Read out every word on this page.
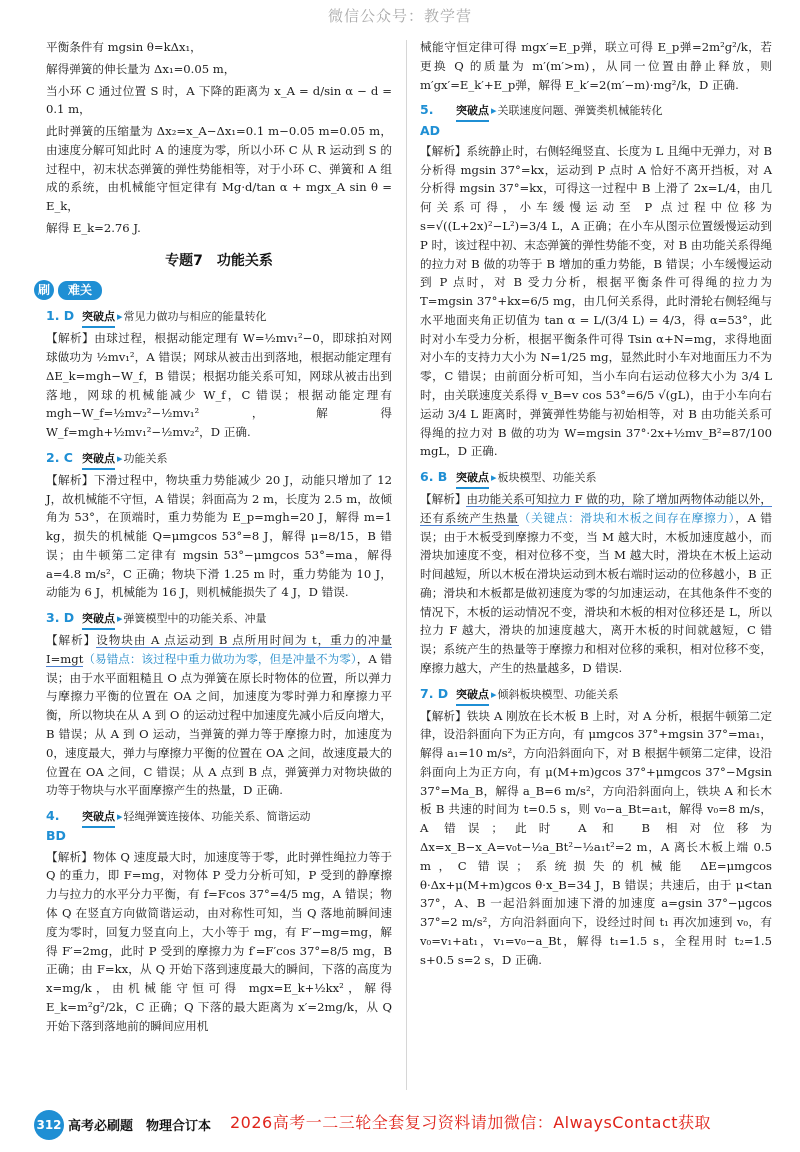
微信公众号：教学营

平衡条件有 mgsin θ=kΔx₁，

解得弹簧的伸长量为 Δx₁=0.05 m，

当小环 C 通过位置 S 时，A 下降的距离为 x_A = d/sin α − d = 0.1 m，

此时弹簧的压缩量为 Δx₂=x_A−Δx₁=0.1 m−0.05 m=0.05 m，由速度分解可知此时 A 的速度为零，所以小环 C 从 R 运动到 S 的过程中，初末状态弹簧的弹性势能相等，对于小环 C、弹簧和 A 组成的系统，由机械能守恒定律有 Mg·d/tan α + mgx_A sin θ = E_k，

解得 E_k=2.76 J.

专题7　功能关系
刷	难关
1. D 突破点 ▸ 常见力做功与相应的能量转化

【解析】由球过程，根据动能定理有 W=½mv₁²−0，即球拍对网球做功为 ½mv₁²，A 错误；网球从被击出到落地，根据动能定理有 ΔE_k=mgh−W_f，B 错误；根据功能关系可知，网球从被击出到落地，网球的机械能减少 W_f，C 错误；根据动能定理有 mgh−W_f=½mv₂²−½mv₁²，解得 W_f=mgh+½mv₁²−½mv₂²，D 正确.

2. C 突破点 ▸ 功能关系

【解析】下滑过程中，物块重力势能减少 20 J，动能只增加了 12 J，故机械能不守恒，A 错误；斜面高为 2 m，长度为 2.5 m，故倾角为 53°，在顶端时，重力势能为 E_p=mgh=20 J，解得 m=1 kg，损失的机械能 Q=μmgcos 53°=8 J，解得 μ=8/15，B 错误；由牛顿第二定律有 mgsin 53°−μmgcos 53°=ma，解得 a=4.8 m/s²，C 正确；物块下滑 1.25 m 时，重力势能为 10 J，动能为 6 J，机械能为 16 J，则机械能损失了 4 J，D 错误.

3. D 突破点 ▸ 弹簧模型中的功能关系、冲量

【解析】设物块由 A 点运动到 B 点所用时间为 t，重力的冲量 I=mgt（易错点：该过程中重力做功为零，但是冲量不为零），A 错误；由于水平面粗糙且 O 点为弹簧在原长时物体的位置，所以弹力与摩擦力平衡的位置在 OA 之间，加速度为零时弹力和摩擦力平衡，所以物块在从 A 到 O 的运动过程中加速度先减小后反向增大，B 错误；从 A 到 O 运动，当弹簧的弹力等于摩擦力时，加速度为 0，速度最大，弹力与摩擦力平衡的位置在 OA 之间，故速度最大的位置在 OA 之间，C 错误；从 A 点到 B 点，弹簧弹力对物块做的功等于物块与水平面摩擦产生的热量，D 正确.

4. BD
突破点 ▸ 轻绳弹簧连接体、功能关系、简谐运动

【解析】物体 Q 速度最大时，加速度等于零，此时弹性绳拉力等于 Q 的重力，即 F=mg，对物体 P 受力分析可知，P 受到的静摩擦力与拉力的水平分力平衡，有 f=Fcos 37°=4/5 mg，A 错误；物体 Q 在竖直方向做简谐运动，由对称性可知，当 Q 落地前瞬间速度为零时，回复力竖直向上，大小等于 mg，有 F′−mg=mg，解得 F′=2mg，此时 P 受到的摩擦力为 f′=F′cos 37°=8/5 mg，B 正确；由 F=kx，从 Q 开始下落到速度最大的瞬间，下落的高度为 x=mg/k，由机械能守恒可得 mgx=E_k+½kx²，解得 E_k=m²g²/2k，C 正确；Q 下落的最大距离为 x′=2mg/k，从 Q 开始下落到落地前的瞬间应用机

械能守恒定律可得 mgx′=E_p弹，联立可得 E_p弹=2m²g²/k，若更换 Q 的质量为 m′(m′>m)，从同一位置由静止释放，则 m′gx′=E_k′+E_p弹，解得 E_k′=2(m′−m)·mg²/k，D 正确.

5. AD
突破点 ▸ 关联速度问题、弹簧类机械能转化

【解析】系统静止时，右侧轻绳竖直、长度为 L 且绳中无弹力，对 B 分析得 mgsin 37°=kx，运动到 P 点时 A 恰好不离开挡板，对 A 分析得 mgsin 37°=kx，可得这一过程中 B 上滑了 2x=L/4，由几何关系可得，小车缓慢运动至 P 点过程中位移为 s=√((L+2x)²−L²)=3/4 L，A 正确；在小车从图示位置缓慢运动到 P 时，该过程中初、末态弹簧的弹性势能不变，对 B 由功能关系得绳的拉力对 B 做的功等于 B 增加的重力势能，B 错误；小车缓慢运动到 P 点时，对 B 受力分析，根据平衡条件可得绳的拉力为 T=mgsin 37°+kx=6/5 mg，由几何关系得，此时滑轮右侧轻绳与水平地面夹角正切值为 tan α = L/(3/4 L) = 4/3，得 α=53°，此时对小车受力分析，根据平衡条件可得 Tsin α+N=mg，求得地面对小车的支持力大小为 N=1/25 mg，显然此时小车对地面压力不为零，C 错误；由前面分析可知，当小车向右运动位移大小为 3/4 L 时，由关联速度关系得 v_B=v cos 53°=6/5 √(gL)，由于小车向右运动 3/4 L 距离时，弹簧弹性势能与初始相等，对 B 由功能关系可得绳的拉力对 B 做的功为 W=mgsin 37°·2x+½mv_B²=87/100 mgL，D 正确.

6. B 突破点 ▸ 板块模型、功能关系

【解析】由功能关系可知拉力 F 做的功，除了增加两物体动能以外，还有系统产生热量（关键点：滑块和木板之间存在摩擦力），A 错误；由于木板受到摩擦力不变，当 M 越大时，木板加速度越小，而滑块加速度不变，相对位移不变，当 M 越大时，滑块在木板上运动时间越短，所以木板在滑块运动到木板右端时运动的位移越小，B 正确；滑块和木板都是做初速度为零的匀加速运动，在其他条件不变的情况下，木板的运动情况不变，滑块和木板的相对位移还是 L，所以拉力 F 越大，滑块的加速度越大，离开木板的时间就越短，C 错误；系统产生的热量等于摩擦力和相对位移的乘积，相对位移不变，摩擦力越大，产生的热量越多，D 错误.

7. D 突破点 ▸ 倾斜板块模型、功能关系

【解析】铁块 A 刚放在长木板 B 上时，对 A 分析，根据牛顿第二定律，设沿斜面向下为正方向，有 μmgcos 37°+mgsin 37°=ma₁，解得 a₁=10 m/s²，方向沿斜面向下，对 B 根据牛顿第二定律，设沿斜面向上为正方向，有 μ(M+m)gcos 37°+μmgcos 37°−Mgsin 37°=Ma_B，解得 a_B=6 m/s²，方向沿斜面向上，铁块 A 和长木板 B 共速的时间为 t=0.5 s，则 v₀−a_Bt=a₁t，解得 v₀=8 m/s，A 错误；此时 A 和 B 相对位移为 Δx=x_B−x_A=v₀t−½a_Bt²−½a₁t²=2 m，A 离长木板上端 0.5 m，C 错误；系统损失的机械能 ΔE=μmgcos θ·Δx+μ(M+m)gcos θ·x_B=34 J，B 错误；共速后，由于 μ<tan 37°，A、B 一起沿斜面加速下滑的加速度 a=gsin 37°−μgcos 37°=2 m/s²，方向沿斜面向下，设经过时间 t₁ 再次加速到 v₀，有 v₀=v₁+at₁，v₁=v₀−a_Bt，解得 t₁=1.5 s，全程用时 t₂=1.5 s+0.5 s=2 s，D 正确.

312 高考必刷题　物理合订本 2026高考一二三轮全套复习资料请加微信：AlwaysContact获取
